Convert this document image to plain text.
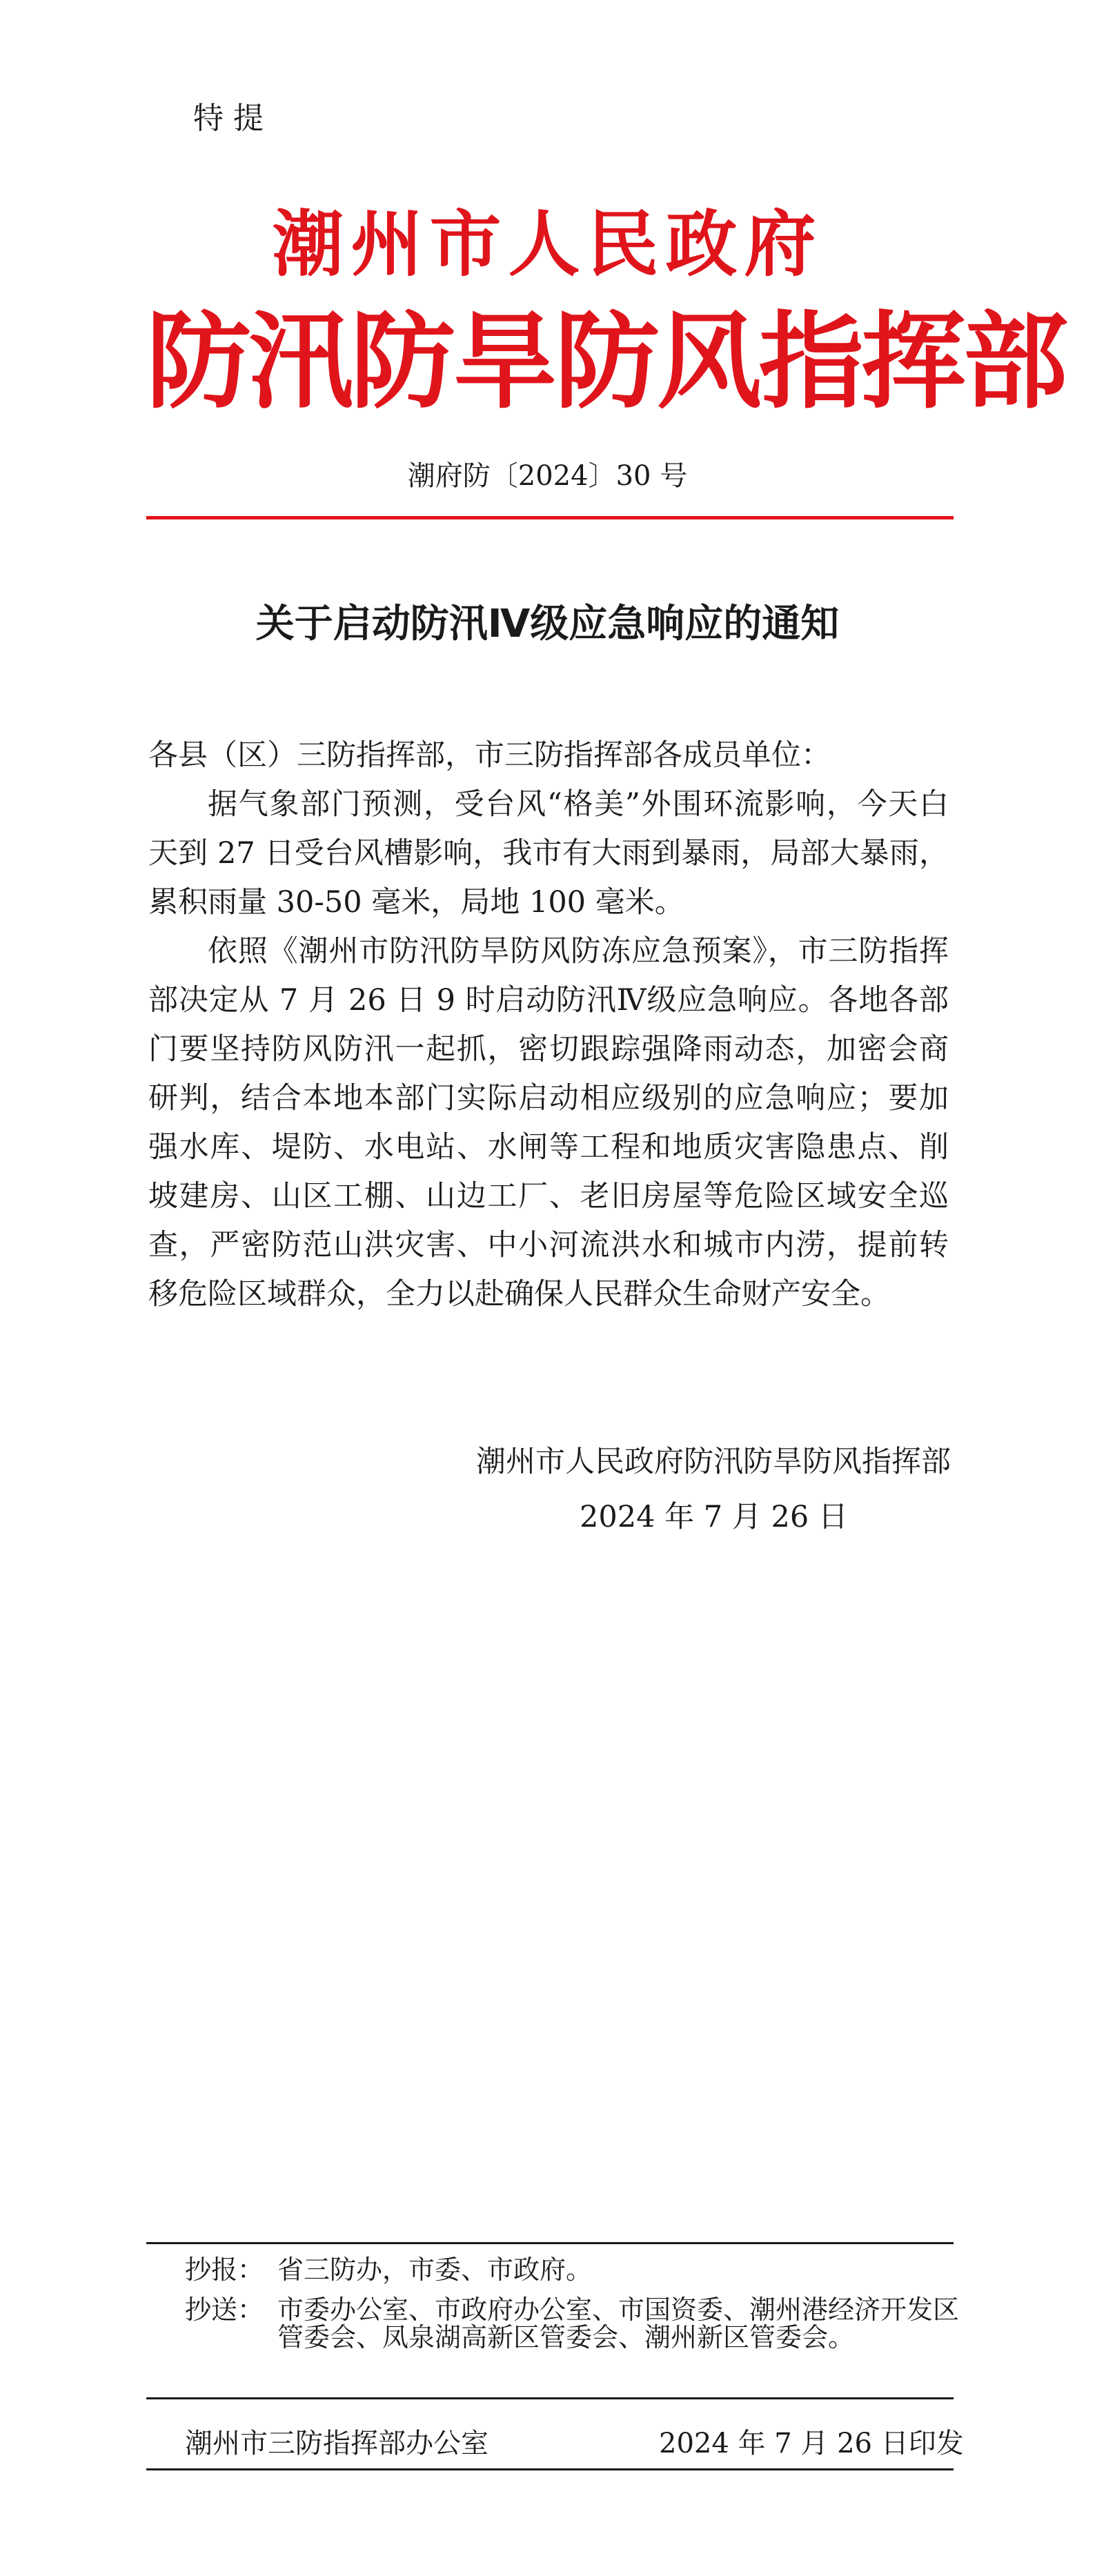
特提
潮州市人民政府
防汛防旱防风指挥部
潮府防〔2024〕30 号
关于启动防汛Ⅳ级应急响应的通知

各县（区）三防指挥部，市三防指挥部各成员单位：

据气象部门预测，受台风“格美”外围环流影响，今天白天到 27 日受台风槽影响，我市有大雨到暴雨，局部大暴雨，累积雨量 30-50 毫米，局地 100 毫米。

依照《潮州市防汛防旱防风防冻应急预案》，市三防指挥部决定从 7 月 26 日 9 时启动防汛Ⅳ级应急响应。各地各部门要坚持防风防汛一起抓，密切跟踪强降雨动态，加密会商研判，结合本地本部门实际启动相应级别的应急响应；要加强水库、堤防、水电站、水闸等工程和地质灾害隐患点、削坡建房、山区工棚、山边工厂、老旧房屋等危险区域安全巡查，严密防范山洪灾害、中小河流洪水和城市内涝，提前转移危险区域群众，全力以赴确保人民群众生命财产安全。

潮州市人民政府防汛防旱防风指挥部
2024 年 7 月 26 日
抄报： 省三防办，市委、市政府。
抄送： 市委办公室、市政府办公室、市国资委、潮州港经济开发区管委会、凤泉湖高新区管委会、潮州新区管委会。
潮州市三防指挥部办公室	2024 年 7 月 26 日印发
